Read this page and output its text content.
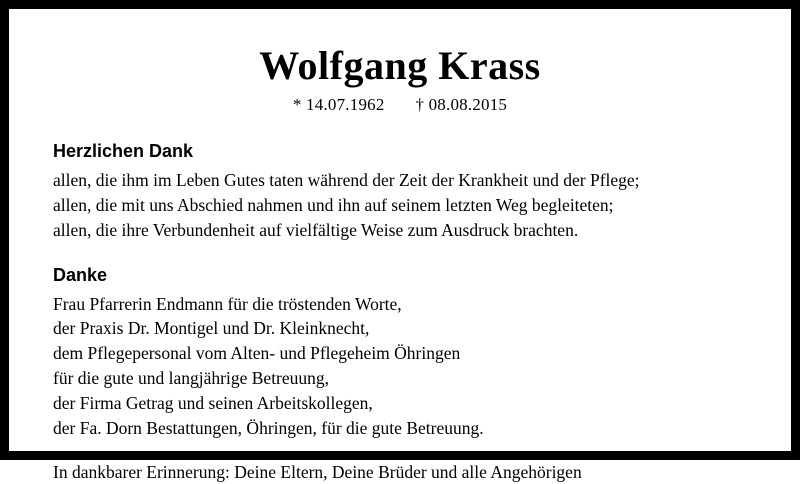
Wolfgang Krass
* 14.07.1962 † 08.08.2015
Herzlichen Dank
allen, die ihm im Leben Gutes taten während der Zeit der Krankheit und der Pflege;
allen, die mit uns Abschied nahmen und ihn auf seinem letzten Weg begleiteten;
allen, die ihre Verbundenheit auf vielfältige Weise zum Ausdruck brachten.
Danke
Frau Pfarrerin Endmann für die tröstenden Worte,
der Praxis Dr. Montigel und Dr. Kleinknecht,
dem Pflegepersonal vom Alten- und Pflegeheim Öhringen
für die gute und langjährige Betreuung,
der Firma Getrag und seinen Arbeitskollegen,
der Fa. Dorn Bestattungen, Öhringen, für die gute Betreuung.
In dankbarer Erinnerung: Deine Eltern, Deine Brüder und alle Angehörigen
